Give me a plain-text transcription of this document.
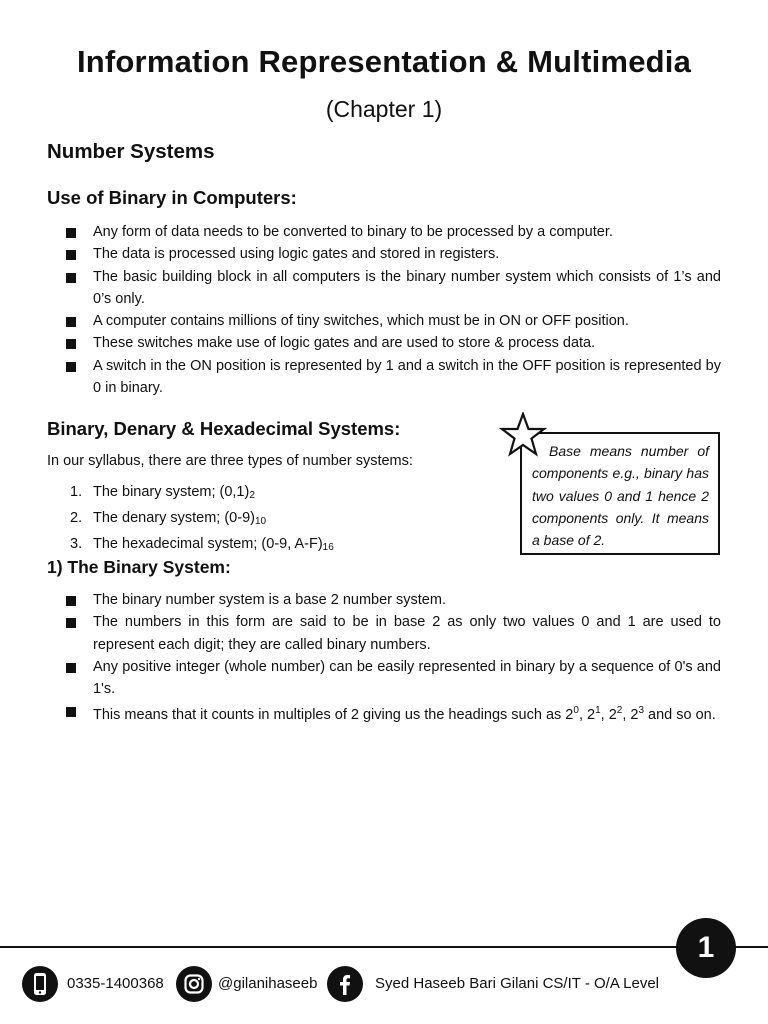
Information Representation & Multimedia
(Chapter 1)
Number Systems
Use of Binary in Computers:
Any form of data needs to be converted to binary to be processed by a computer.
The data is processed using logic gates and stored in registers.
The basic building block in all computers is the binary number system which consists of 1’s and 0’s only.
A computer contains millions of tiny switches, which must be in ON or OFF position.
These switches make use of logic gates and are used to store & process data.
A switch in the ON position is represented by 1 and a switch in the OFF position is represented by 0 in binary.
Binary, Denary & Hexadecimal Systems:
In our syllabus, there are three types of number systems:
1. The binary system; $(0,1)_2$
2. The denary system; $(0-9)_{10}$
3. The hexadecimal system; (0-9, $A-F)_{16}$
Base means number of components e.g., binary has two values 0 and 1 hence 2 components only. It means a base of 2.
1) The Binary System:
The binary number system is a base 2 number system.
The numbers in this form are said to be in base 2 as only two values 0 and 1 are used to represent each digit; they are called binary numbers.
Any positive integer (whole number) can be easily represented in binary by a sequence of 0's and 1's.
This means that it counts in multiples of 2 giving us the headings such as $2^0$, $2^1$, $2^2$, $2^3$ and so on.
1
0335-1400368	@gilanihaseeb	Syed Haseeb Bari Gilani CS/IT - O/A Level
